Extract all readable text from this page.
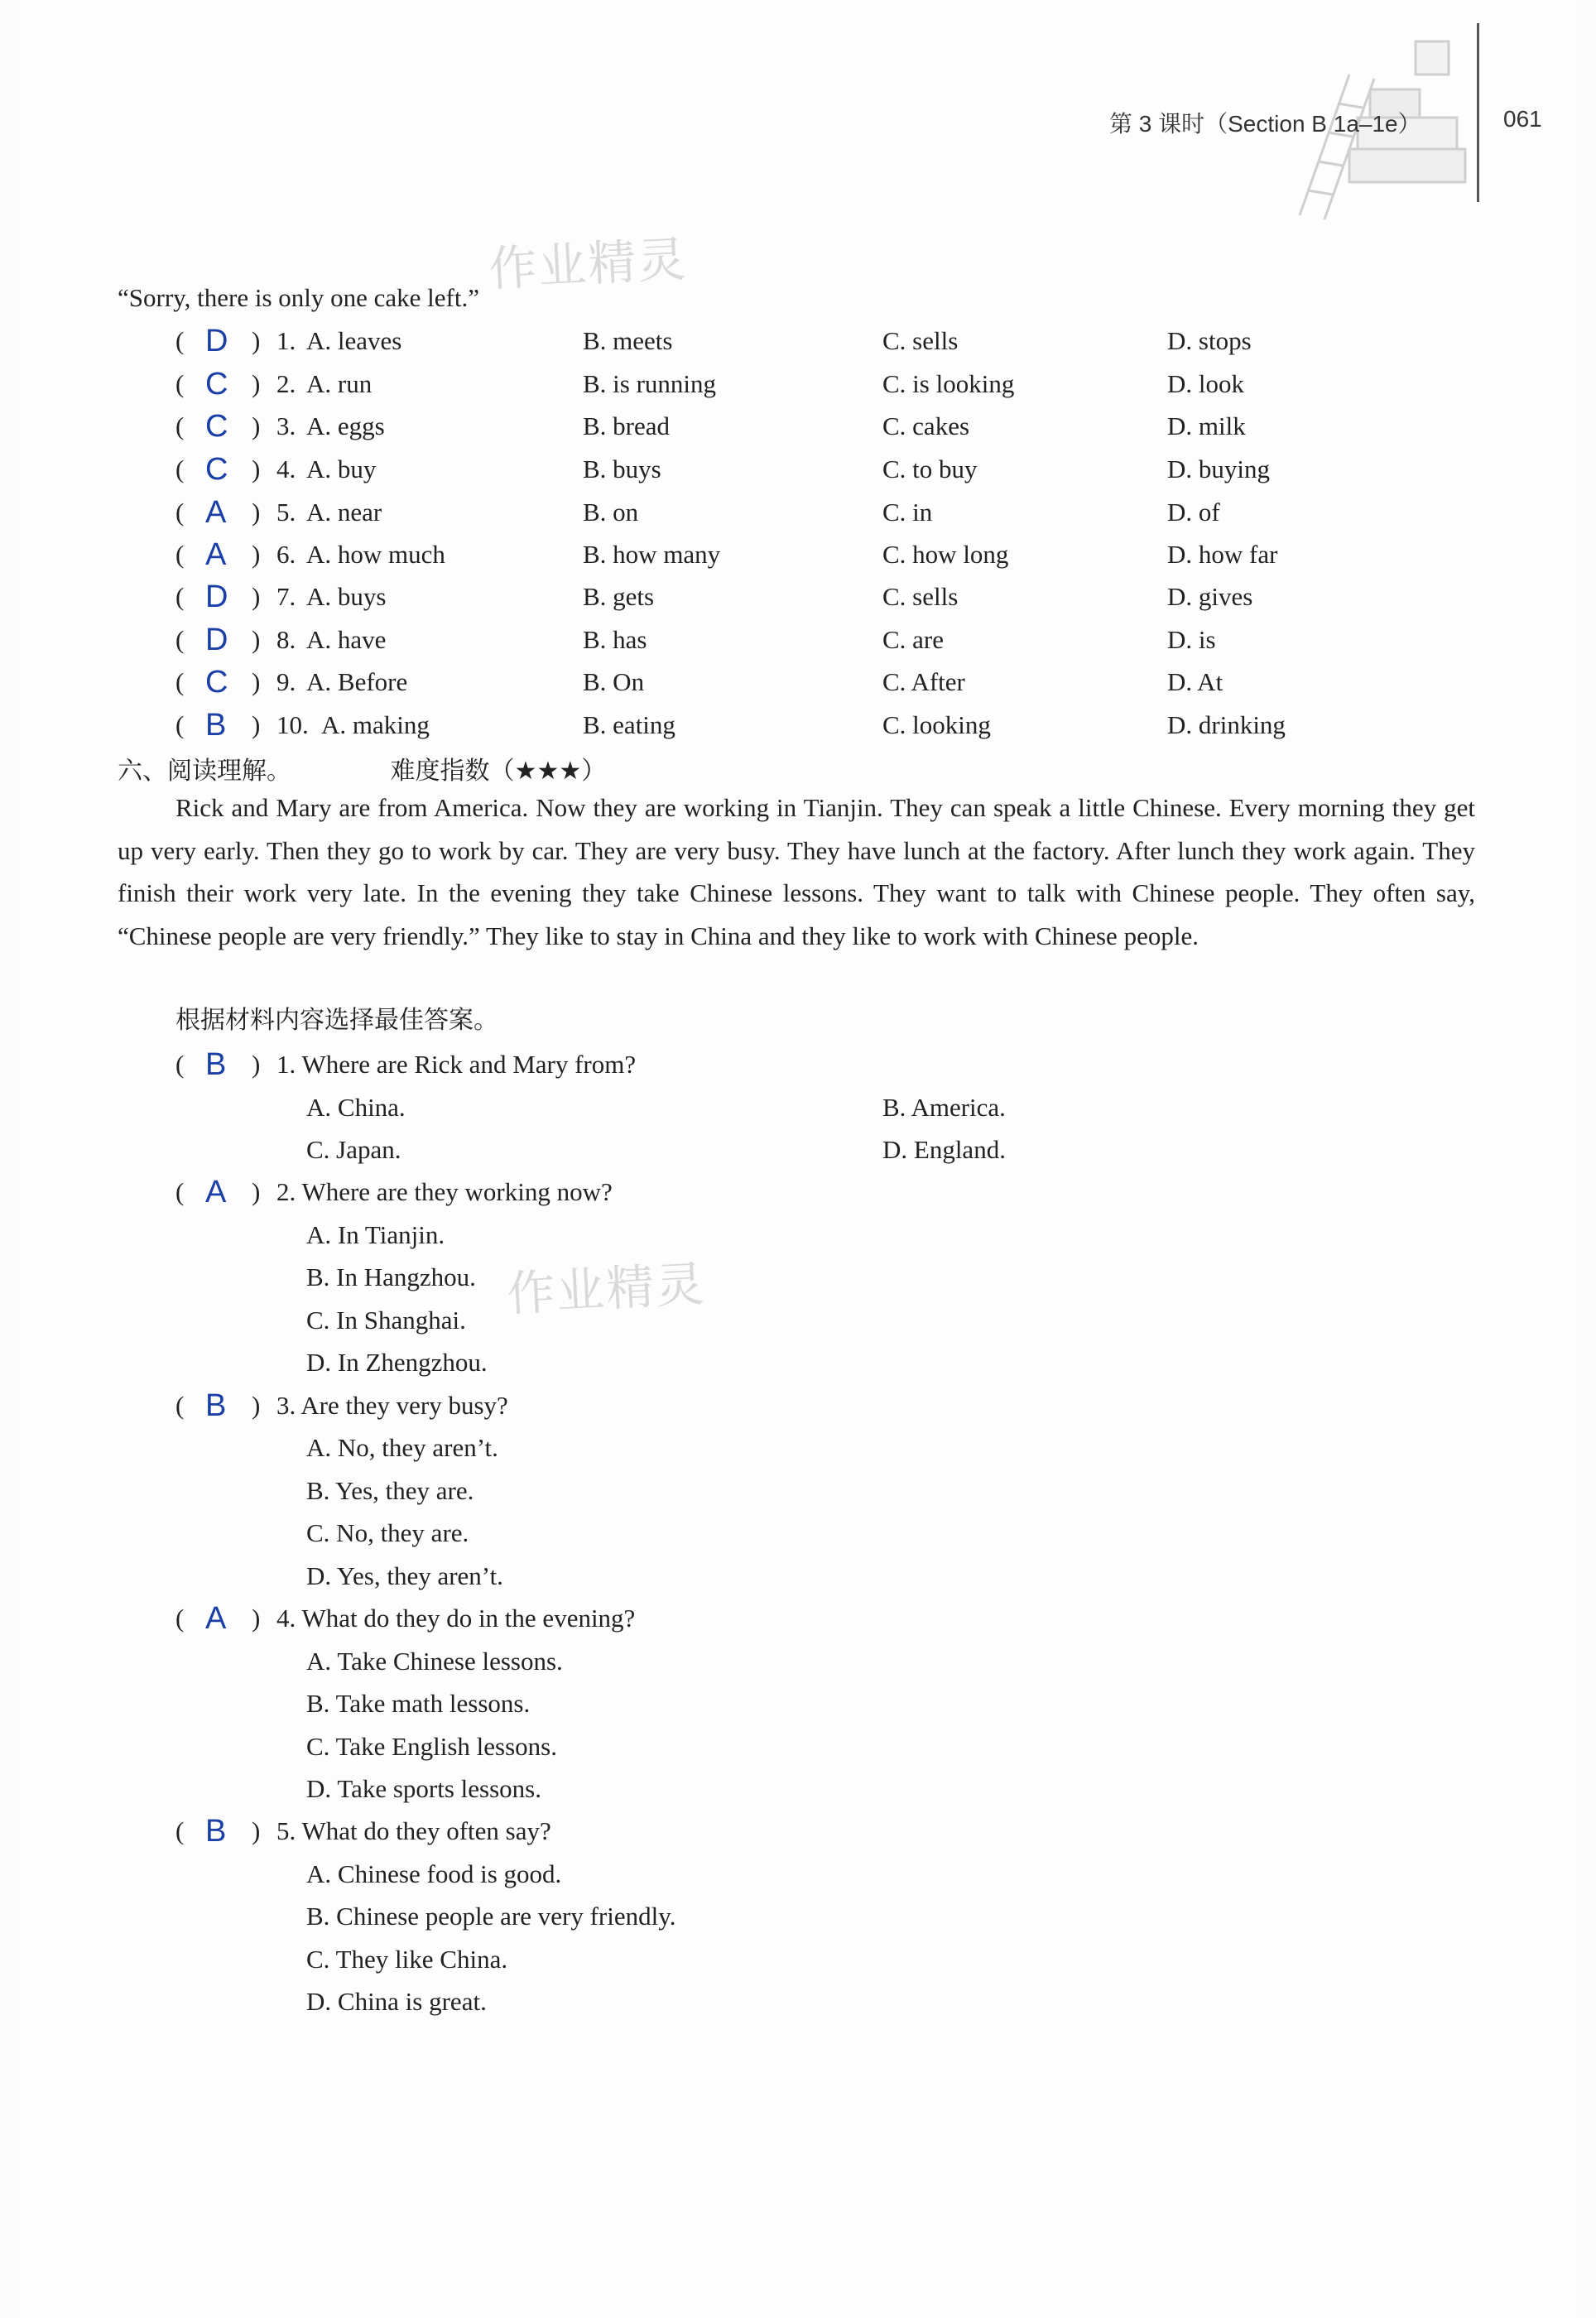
第 3 课时（Section B 1a–1e）	061
作业精灵
作业精灵
“Sorry, there is only one cake left.”
( D ) 1. A. leaves	B. meets	C. sells	D. stops
( C ) 2. A. run	B. is running	C. is looking	D. look
( C ) 3. A. eggs	B. bread	C. cakes	D. milk
( C ) 4. A. buy	B. buys	C. to buy	D. buying
( A ) 5. A. near	B. on	C. in	D. of
( A ) 6. A. how much	B. how many	C. how long	D. how far
( D ) 7. A. buys	B. gets	C. sells	D. gives
( D ) 8. A. have	B. has	C. are	D. is
( C ) 9. A. Before	B. On	C. After	D. At
( B ) 10. A. making	B. eating	C. looking	D. drinking
六、阅读理解。	难度指数（★★★）
Rick and Mary are from America. Now they are working in Tianjin. They can speak a little Chinese. Every morning they get up very early. Then they go to work by car. They are very busy. They have lunch at the factory. After lunch they work again. They finish their work very late. In the evening they take Chinese lessons. They want to talk with Chinese people. They often say, “Chinese people are very friendly.” They like to stay in China and they like to work with Chinese people.
根据材料内容选择最佳答案。
( B ) 1. Where are Rick and Mary from?
A. China.	B. America.
C. Japan.	D. England.
( A ) 2. Where are they working now?
A. In Tianjin.
B. In Hangzhou.
C. In Shanghai.
D. In Zhengzhou.
( B ) 3. Are they very busy?
A. No, they aren’t.
B. Yes, they are.
C. No, they are.
D. Yes, they aren’t.
( A ) 4. What do they do in the evening?
A. Take Chinese lessons.
B. Take math lessons.
C. Take English lessons.
D. Take sports lessons.
( B ) 5. What do they often say?
A. Chinese food is good.
B. Chinese people are very friendly.
C. They like China.
D. China is great.
